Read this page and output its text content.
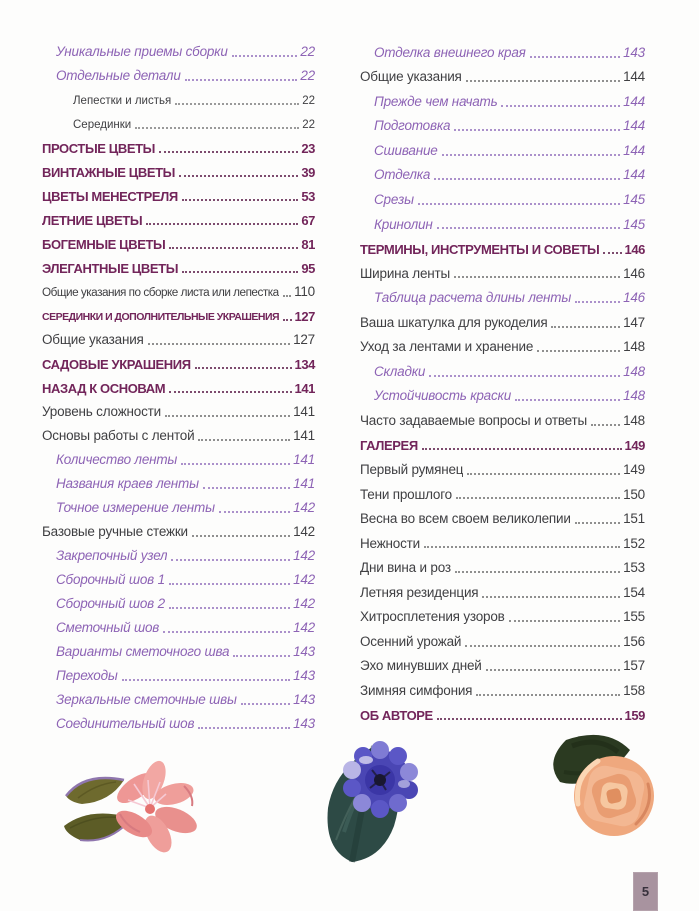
Уникальные приемы сборки	22
Отдельные детали	22
Лепестки и листья	22
Серединки	22
ПРОСТЫЕ ЦВЕТЫ	23
ВИНТАЖНЫЕ ЦВЕТЫ	39
ЦВЕТЫ МЕНЕСТРЕЛЯ	53
ЛЕТНИЕ ЦВЕТЫ	67
БОГЕМНЫЕ ЦВЕТЫ	81
ЭЛЕГАНТНЫЕ ЦВЕТЫ	95
Общие указания по сборке листа или лепестка 110
СЕРЕДИНКИ И ДОПОЛНИТЕЛЬНЫЕ УКРАШЕНИЯ 127
Общие указания	127
САДОВЫЕ УКРАШЕНИЯ	134
НАЗАД К ОСНОВАМ	141
Уровень сложности	141
Основы работы с лентой	141
Количество ленты	141
Названия краев ленты	141
Точное измерение ленты	142
Базовые ручные стежки	142
Закрепочный узел	142
Сборочный шов 1	142
Сборочный шов 2	142
Сметочный шов	142
Варианты сметочного шва	143
Переходы	143
Зеркальные сметочные швы	143
Соединительный шов	143
Отделка внешнего края	143
Общие указания	144
Прежде чем начать	144
Подготовка	144
Сшивание	144
Отделка	144
Срезы	145
Кринолин	145
ТЕРМИНЫ, ИНСТРУМЕНТЫ И СОВЕТЫ 146
Ширина ленты	146
Таблица расчета длины ленты	146
Ваша шкатулка для рукоделия	147
Уход за лентами и хранение	148
Складки	148
Устойчивость краски	148
Часто задаваемые вопросы и ответы	148
ГАЛЕРЕЯ	149
Первый румянец	149
Тени прошлого	150
Весна во всем своем великолепии	151
Нежности	152
Дни вина и роз	153
Летняя резиденция	154
Хитросплетения узоров	155
Осенний урожай	156
Эхо минувших дней	157
Зимняя симфония	158
ОБ АВТОРЕ	159
5
